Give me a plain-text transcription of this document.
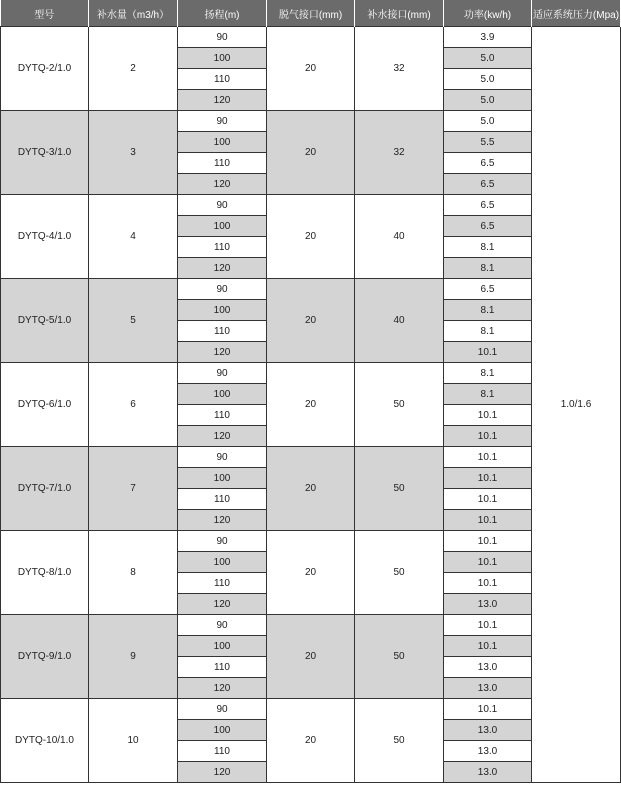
型号	补水量（m3/h）	扬程(m)	脱气接口(mm)	补水接口(mm)	功率(kw/h)	适应系统压力(Mpa)
DYTQ-2/1.0	2	90	20	32	3.9	1.0/1.6
		100			5.0	
		110			5.0	
		120			5.0	
DYTQ-3/1.0	3	90	20	32	5.0	
		100			5.5	
		110			6.5	
		120			6.5	
DYTQ-4/1.0	4	90	20	40	6.5	
		100			6.5	
		110			8.1	
		120			8.1	
DYTQ-5/1.0	5	90	20	40	6.5	
		100			8.1	
		110			8.1	
		120			10.1	
DYTQ-6/1.0	6	90	20	50	8.1	
		100			8.1	
		110			10.1	
		120			10.1	
DYTQ-7/1.0	7	90	20	50	10.1	
		100			10.1	
		110			10.1	
		120			10.1	
DYTQ-8/1.0	8	90	20	50	10.1	
		100			10.1	
		110			10.1	
		120			13.0	
DYTQ-9/1.0	9	90	20	50	10.1	
		100			10.1	
		110			13.0	
		120			13.0	
DYTQ-10/1.0	10	90	20	50	10.1	
		100			13.0	
		110			13.0	
		120			13.0	
